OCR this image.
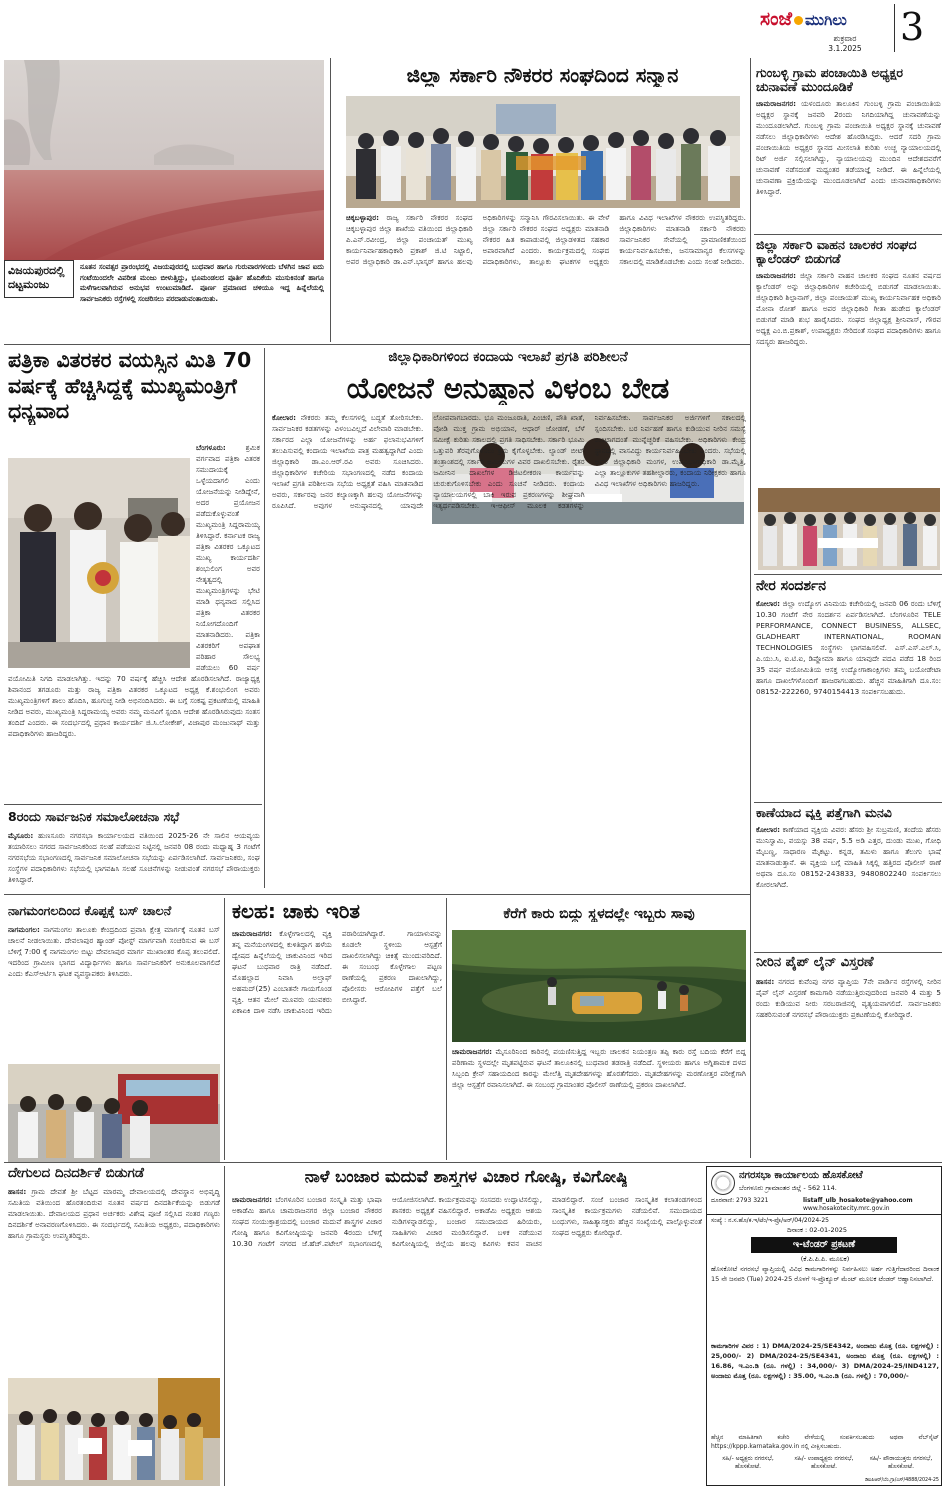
ಸಂಜೆ ಮುಗಿಲು
ಶುಕ್ರವಾರ
3.1.2025	3
ವಿಜಯಪುರದಲ್ಲಿ ದಟ್ಟಮಂಜು
ನೂತನ ಸಂವತ್ಸರ ಪ್ರಾರಂಭದಲ್ಲಿ ವಿಜಯಪುರದಲ್ಲಿ ಬುಧವಾರ ಹಾಗೂ ಗುರುವಾರಗಳಂದು ಬೆಳಗಿನ ಜಾವ ಐದು ಗಂಟೆಯಿಂದಲೇ ವಿಪರೀತ ಮಂಜು ಬೀಳುತ್ತಿದ್ದು, ಭೂಮಂಡಲದ ಪೂರ್ತಿ ಹೊದಿಕೆಯ ಮುಸುಕಿನಂತೆ ಹಾಗೂ ಮಳೆಗಾಲವಾಗಿರುವ ಅನುಭವ ಉಂಟುಮಾಡಿದೆ. ಪೂರ್ಣ ಪ್ರಮಾಣದ ಚಳಿಯೂ ಇದ್ದ ಹಿನ್ನೆಲೆಯಲ್ಲಿ ಸಾರ್ವಜನಿಕರು ರಸ್ತೆಗಳಲ್ಲಿ ಸಂಚರಿಸಲು ಪರದಾಡುವಂತಾಯಿತು.
ಜಿಲ್ಲಾ ಸರ್ಕಾರಿ ನೌಕರರ ಸಂಘದಿಂದ ಸನ್ಮಾನ
ಚಿಕ್ಕಬಳ್ಳಾಪುರ: ರಾಜ್ಯ ಸರ್ಕಾರಿ ನೌಕರರ ಸಂಘದ ಚಿಕ್ಕಬಳ್ಳಾಪುರ ಜಿಲ್ಲಾ ಶಾಖೆಯ ವತಿಯಿಂದ ಜಿಲ್ಲಾಧಿಕಾರಿ ಪಿ.ಎನ್.ರವೀಂದ್ರ, ಜಿಲ್ಲಾ ಪಂಚಾಯತ್ ಮುಖ್ಯ ಕಾರ್ಯನಿರ್ವಾಹಕಾಧಿಕಾರಿ ಪ್ರಕಾಶ್ ಜಿ.ಟಿ ನಿಟ್ಟಾಲಿ, ಅಪರ ಜಿಲ್ಲಾಧಿಕಾರಿ ಡಾ.ಎನ್.ಭಾಸ್ಕರ್ ಹಾಗೂ ಹಲವು ಅಧಿಕಾರಿಗಳನ್ನು ಸನ್ಮಾನಿಸಿ ಗೌರವಿಸಲಾಯಿತು. ಈ ವೇಳೆ ಜಿಲ್ಲಾ ಸರ್ಕಾರಿ ನೌಕರರ ಸಂಘದ ಅಧ್ಯಕ್ಷರು ಮಾತನಾಡಿ ನೌಕರರ ಹಿತ ಕಾಪಾಡುವಲ್ಲಿ ಜಿಲ್ಲಾಡಳಿತದ ಸಹಕಾರ ಅಪಾರವಾಗಿದೆ ಎಂದರು. ಕಾರ್ಯಕ್ರಮದಲ್ಲಿ ಸಂಘದ ಪದಾಧಿಕಾರಿಗಳು, ತಾಲ್ಲೂಕು ಘಟಕಗಳ ಅಧ್ಯಕ್ಷರು ಹಾಗೂ ವಿವಿಧ ಇಲಾಖೆಗಳ ನೌಕರರು ಉಪಸ್ಥಿತರಿದ್ದರು. ಜಿಲ್ಲಾಧಿಕಾರಿಗಳು ಮಾತನಾಡಿ ಸರ್ಕಾರಿ ನೌಕರರು ಸಾರ್ವಜನಿಕರ ಸೇವೆಯಲ್ಲಿ ಪ್ರಾಮಾಣಿಕತೆಯಿಂದ ಕಾರ್ಯನಿರ್ವಹಿಸಬೇಕು, ಜನಸಾಮಾನ್ಯರ ಕೆಲಸಗಳನ್ನು ಸಕಾಲದಲ್ಲಿ ಮಾಡಿಕೊಡಬೇಕು ಎಂದು ಸಲಹೆ ನೀಡಿದರು.
ಗುಂಬಳ್ಳಿ ಗ್ರಾಮ ಪಂಚಾಯಿತಿ ಅಧ್ಯಕ್ಷರ ಚುನಾವಣೆ ಮುಂದೂಡಿಕೆ
ಚಾಮರಾಜನಗರ: ಯಳಂದೂರು ತಾಲೂಕಿನ ಗುಂಬಳ್ಳಿ ಗ್ರಾಮ ಪಂಚಾಯಿತಿಯ ಅಧ್ಯಕ್ಷರ ಸ್ಥಾನಕ್ಕೆ ಜನವರಿ 2ರಂದು ನಿಗದಿಯಾಗಿದ್ದ ಚುನಾವಣೆಯನ್ನು ಮುಂದೂಡಲಾಗಿದೆ. ಗುಂಬಳ್ಳಿ ಗ್ರಾಮ ಪಂಚಾಯಿತಿ ಅಧ್ಯಕ್ಷರ ಸ್ಥಾನಕ್ಕೆ ಚುನಾವಣೆ ನಡೆಸಲು ಜಿಲ್ಲಾಧಿಕಾರಿಗಳು ಆದೇಶ ಹೊರಡಿಸಿದ್ದರು. ಆದರೆ ಸದರಿ ಗ್ರಾಮ ಪಂಚಾಯಿತಿಯ ಅಧ್ಯಕ್ಷರ ಸ್ಥಾನದ ಮೀಸಲಾತಿ ಕುರಿತು ಉಚ್ಚ ನ್ಯಾಯಾಲಯದಲ್ಲಿ ರಿಟ್ ಅರ್ಜಿ ಸಲ್ಲಿಸಲಾಗಿದ್ದು, ನ್ಯಾಯಾಲಯವು ಮುಂದಿನ ಆದೇಶದವರೆಗೆ ಚುನಾವಣೆ ನಡೆಸದಂತೆ ಮಧ್ಯಂತರ ತಡೆಯಾಜ್ಞೆ ನೀಡಿದೆ. ಈ ಹಿನ್ನೆಲೆಯಲ್ಲಿ ಚುನಾವಣಾ ಪ್ರಕ್ರಿಯೆಯನ್ನು ಮುಂದೂಡಲಾಗಿದೆ ಎಂದು ಚುನಾವಣಾಧಿಕಾರಿಗಳು ತಿಳಿಸಿದ್ದಾರೆ.
ಜಿಲ್ಲಾ ಸರ್ಕಾರಿ ವಾಹನ ಚಾಲಕರ ಸಂಘದ ಕ್ಯಾಲೆಂಡರ್ ಬಿಡುಗಡೆ
ಚಾಮರಾಜನಗರ: ಜಿಲ್ಲಾ ಸರ್ಕಾರಿ ವಾಹನ ಚಾಲಕರ ಸಂಘದ ನೂತನ ವರ್ಷದ ಕ್ಯಾಲೆಂಡರ್ ಅನ್ನು ಜಿಲ್ಲಾಧಿಕಾರಿಗಳ ಕಚೇರಿಯಲ್ಲಿ ಬಿಡುಗಡೆ ಮಾಡಲಾಯಿತು. ಜಿಲ್ಲಾಧಿಕಾರಿ ಶಿಲ್ಪಾನಾಗ್, ಜಿಲ್ಲಾ ಪಂಚಾಯತ್ ಮುಖ್ಯ ಕಾರ್ಯನಿರ್ವಾಹಕ ಅಧಿಕಾರಿ ಮೋನಾ ರೋತ್ ಹಾಗೂ ಅಪರ ಜಿಲ್ಲಾಧಿಕಾರಿ ಗೀತಾ ಹುಡೇದ ಕ್ಯಾಲೆಂಡರ್ ಬಿಡುಗಡೆ ಮಾಡಿ ಶುಭ ಹಾರೈಸಿದರು. ಸಂಘದ ಜಿಲ್ಲಾಧ್ಯಕ್ಷ ಶ್ರೀನಿವಾಸ್, ಗೌರವ ಅಧ್ಯಕ್ಷ ಎಂ.ಬಿ.ಪ್ರಕಾಶ್, ಉಪಾಧ್ಯಕ್ಷರು ಸೇರಿದಂತೆ ಸಂಘದ ಪದಾಧಿಕಾರಿಗಳು ಹಾಗೂ ಸದಸ್ಯರು ಹಾಜರಿದ್ದರು.
ನೇರ ಸಂದರ್ಶನ
ಕೋಲಾರ: ಜಿಲ್ಲಾ ಉದ್ಯೋಗ ವಿನಿಮಯ ಕಚೇರಿಯಲ್ಲಿ ಜನವರಿ 06 ರಂದು ಬೆಳಿಗ್ಗೆ 10.30 ಗಂಟೆಗೆ ನೇರ ಸಂದರ್ಶನ ಏರ್ಪಡಿಸಲಾಗಿದೆ. ಬೆಂಗಳೂರಿನ TELE PERFORMANCE, CONNECT BUSINESS, ALLSEC, GLADHEART INTERNATIONAL, ROOMAN TECHNOLOGIES ಸಂಸ್ಥೆಗಳು ಭಾಗವಹಿಸಲಿವೆ. ಎಸ್.ಎಸ್.ಎಲ್.ಸಿ, ಪಿ.ಯು.ಸಿ, ಐ.ಟಿ.ಐ, ಡಿಪ್ಲೋಮಾ ಹಾಗೂ ಯಾವುದೇ ಪದವಿ ಪಡೆದ 18 ರಿಂದ 35 ವರ್ಷ ವಯೋಮಿತಿಯ ಆಸಕ್ತ ಉದ್ಯೋಗಾಕಾಂಕ್ಷಿಗಳು ತಮ್ಮ ಬಯೋಡೇಟಾ ಹಾಗೂ ದಾಖಲೆಗಳೊಂದಿಗೆ ಹಾಜರಾಗಬಹುದು. ಹೆಚ್ಚಿನ ಮಾಹಿತಿಗಾಗಿ ದೂ.ಸಂ: 08152-222260, 9740154413 ಸಂಪರ್ಕಿಸಬಹುದು.
ಕಾಣೆಯಾದ ವ್ಯಕ್ತಿ ಪತ್ತೆಗಾಗಿ ಮನವಿ
ಕೋಲಾರ: ಕಾಣೆಯಾದ ವ್ಯಕ್ತಿಯ ವಿವರ: ಹೆಸರು ಶ್ರೀ ಸುಬ್ರಮಣಿ, ತಂದೆಯ ಹೆಸರು ಮುನಿಸ್ವಾಮಿ, ವಯಸ್ಸು 38 ವರ್ಷ, 5.5 ಅಡಿ ಎತ್ತರ, ದುಂಡು ಮುಖ, ಗೋಧಿ ಮೈಬಣ್ಣ, ಸಾಧಾರಣ ಮೈಕಟ್ಟು. ಕನ್ನಡ, ತಮಿಳು ಹಾಗೂ ತೆಲುಗು ಭಾಷೆ ಮಾತನಾಡುತ್ತಾನೆ. ಈ ವ್ಯಕ್ತಿಯ ಬಗ್ಗೆ ಮಾಹಿತಿ ಸಿಕ್ಕಲ್ಲಿ ಹತ್ತಿರದ ಪೊಲೀಸ್ ಠಾಣೆ ಅಥವಾ ದೂ.ಸಂ 08152-243833, 9480802240 ಸಂಪರ್ಕಿಸಲು ಕೋರಲಾಗಿದೆ.
ನೀರಿನ ಪೈಪ್ ಲೈನ್ ವಿಸ್ತರಣೆ
ಹಾಸನ: ನಗರದ ಕುವೆಂಪು ನಗರ ವ್ಯಾಪ್ತಿಯ 7ನೇ ವಾರ್ಡಿನ ರಸ್ತೆಗಳಲ್ಲಿ ನೀರಿನ ಪೈಪ್ ಲೈನ್ ವಿಸ್ತರಣೆ ಕಾಮಗಾರಿ ನಡೆಯುತ್ತಿರುವುದರಿಂದ ಜನವರಿ 4 ಮತ್ತು 5 ರಂದು ಕುಡಿಯುವ ನೀರು ಸರಬರಾಜಿನಲ್ಲಿ ವ್ಯತ್ಯಯವಾಗಲಿದೆ. ಸಾರ್ವಜನಿಕರು ಸಹಕರಿಸುವಂತೆ ನಗರಸಭೆ ಪೌರಾಯುಕ್ತರು ಪ್ರಕಟಣೆಯಲ್ಲಿ ಕೋರಿದ್ದಾರೆ.
ಪತ್ರಿಕಾ ವಿತರಕರ ವಯಸ್ಸಿನ ಮಿತಿ 70 ವರ್ಷಕ್ಕೆ ಹೆಚ್ಚಿಸಿದ್ದಕ್ಕೆ ಮುಖ್ಯಮಂತ್ರಿಗೆ ಧನ್ಯವಾದ
ಬೆಂಗಳೂರು:	ಶ್ರಮಿಕ ವರ್ಗವಾದ ಪತ್ರಿಕಾ ವಿತರಕ ಸಮುದಾಯಕ್ಕೆ ಒಳ್ಳೆಯದಾಗಲಿ ಎಂದು ಯೋಜನೆಯನ್ನು ನೀಡಿದ್ದೇನೆ, ಅದರ ಪ್ರಯೋಜನ ಪಡೆದುಕೊಳ್ಳುವಂತೆ ಮುಖ್ಯಮಂತ್ರಿ ಸಿದ್ದರಾಮಯ್ಯ ತಿಳಿಸಿದ್ದಾರೆ. ಕರ್ನಾಟಕ ರಾಜ್ಯ ಪತ್ರಿಕಾ ವಿತರಕರ ಒಕ್ಕೂಟದ ಮುಖ್ಯ ಕಾರ್ಯದರ್ಶಿ ಶಂಭುಲಿಂಗ ಅವರ ನೇತೃತ್ವದಲ್ಲಿ ಮುಖ್ಯಮಂತ್ರಿಗಳನ್ನು ಭೇಟಿ ಮಾಡಿ ಧನ್ಯವಾದ ಸಲ್ಲಿಸಿದ ಪತ್ರಿಕಾ ವಿತರಕರ ನಿಯೋಗದೊಂದಿಗೆ ಮಾತನಾಡಿದರು. ಪತ್ರಿಕಾ ವಿತರಕರಿಗೆ ಅಪಘಾತ ಪರಿಹಾರ ಸೌಲಭ್ಯ ಪಡೆಯಲು 60 ವರ್ಷ ವಯೋಮಿತಿ ನಿಗದಿ ಮಾಡಲಾಗಿತ್ತು. ಇದನ್ನು 70 ವರ್ಷಕ್ಕೆ ಹೆಚ್ಚಿಸಿ ಆದೇಶ ಹೊರಡಿಸಲಾಗಿದೆ. ರಾಜ್ಯಾಧ್ಯಕ್ಷ ಶಿವಾನಂದ ತಗಡೂರು ಮತ್ತು ರಾಜ್ಯ ಪತ್ರಿಕಾ ವಿತರಕರ ಒಕ್ಕೂಟದ ಅಧ್ಯಕ್ಷ ಕೆ.ಶಂಭುಲಿಂಗ ಅವರು ಮುಖ್ಯಮಂತ್ರಿಗಳಿಗೆ ಶಾಲು ಹೊದಿಸಿ, ಹೂಗುಚ್ಛ ನೀಡಿ ಅಭಿನಂದಿಸಿದರು. ಈ ಬಗ್ಗೆ ಸಂಕಷ್ಟ ಪ್ರಕಟಣೆಯಲ್ಲಿ ಮಾಹಿತಿ ನೀಡಿದ ಅವರು, ಮುಖ್ಯಮಂತ್ರಿ ಸಿದ್ದರಾಮಯ್ಯ ಅವರು ನಮ್ಮ ಮನವಿಗೆ ಸ್ಪಂದಿಸಿ ಆದೇಶ ಹೊರಡಿಸಿರುವುದು ಸಂತಸ ತಂದಿದೆ ಎಂದರು. ಈ ಸಂದರ್ಭದಲ್ಲಿ ಪ್ರಧಾನ ಕಾರ್ಯದರ್ಶಿ ಜಿ.ಸಿ.ಲೋಕೇಶ್, ವಿಜಾಪುರ ಮಂಜುನಾಥ್ ಮತ್ತು ಪದಾಧಿಕಾರಿಗಳು ಹಾಜರಿದ್ದರು.
ಜಿಲ್ಲಾಧಿಕಾರಿಗಳಿಂದ ಕಂದಾಯ ಇಲಾಖೆ ಪ್ರಗತಿ ಪರಿಶೀಲನೆ
ಯೋಜನೆ ಅನುಷ್ಠಾನ ವಿಳಂಬ ಬೇಡ
ಕೋಲಾರ: ನೌಕರರು ತಮ್ಮ ಕೆಲಸಗಳಲ್ಲಿ ಬದ್ಧತೆ ತೋರಿಸಬೇಕು. ಸಾರ್ವಜನಿಕರ ಕಡತಗಳನ್ನು ವಿಳಂಬವಿಲ್ಲದೆ ವಿಲೇವಾರಿ ಮಾಡಬೇಕು. ಸರ್ಕಾರದ ಎಲ್ಲಾ ಯೋಜನೆಗಳನ್ನು ಅರ್ಹ ಫಲಾನುಭವಿಗಳಿಗೆ ತಲುಪಿಸುವಲ್ಲಿ ಕಂದಾಯ ಇಲಾಖೆಯ ಪಾತ್ರ ಮಹತ್ವದ್ದಾಗಿದೆ ಎಂದು ಜಿಲ್ಲಾಧಿಕಾರಿ ಡಾ.ಎಂ.ಆರ್.ರವಿ ಅವರು ಸೂಚಿಸಿದರು. ಜಿಲ್ಲಾಧಿಕಾರಿಗಳ ಕಚೇರಿಯ ಸಭಾಂಗಣದಲ್ಲಿ ನಡೆದ ಕಂದಾಯ ಇಲಾಖೆ ಪ್ರಗತಿ ಪರಿಶೀಲನಾ ಸಭೆಯ ಅಧ್ಯಕ್ಷತೆ ವಹಿಸಿ ಮಾತನಾಡಿದ ಅವರು, ಸರ್ಕಾರವು ಜನರ ಕಲ್ಯಾಣಕ್ಕಾಗಿ ಹಲವು ಯೋಜನೆಗಳನ್ನು ರೂಪಿಸಿದೆ. ಅವುಗಳ ಅನುಷ್ಠಾನದಲ್ಲಿ ಯಾವುದೇ ಲೋಪವಾಗಬಾರದು. ಭೂ ಮಂಜೂರಾತಿ, ಪಿಂಚಣಿ, ಪೌತಿ ಖಾತೆ, ಪೋಡಿ ಮುಕ್ತ ಗ್ರಾಮ ಅಭಿಯಾನ, ಆಧಾರ್ ಜೋಡಣೆ, ಬೆಳೆ ಸಮೀಕ್ಷೆ ಕುರಿತು ಸಕಾಲದಲ್ಲಿ ಪ್ರಗತಿ ಸಾಧಿಸಬೇಕು. ಸರ್ಕಾರಿ ಭೂಮಿ ಒತ್ತುವರಿ ತೆರವುಗೊಳಿಸಲು ಕ್ರಮ ಕೈಗೊಳ್ಳಬೇಕು. ಲ್ಯಾಂಡ್ ಬೀಟ್ ತಂತ್ರಾಂಶದಲ್ಲಿ ಸರ್ಕಾರಿ ಜಮೀನುಗಳ ವಿವರ ದಾಖಲಿಸಬೇಕು. ರೈತರ ಜಮೀನಿನ ದಾಖಲೆಗಳ ಡಿಜಿಟಲೀಕರಣ ಕಾರ್ಯವನ್ನು ಚುರುಕುಗೊಳಿಸಬೇಕು ಎಂದು ಸೂಚನೆ ನೀಡಿದರು. ಕಂದಾಯ ನ್ಯಾಯಾಲಯಗಳಲ್ಲಿ ಬಾಕಿ ಇರುವ ಪ್ರಕರಣಗಳನ್ನು ಶೀಘ್ರವಾಗಿ ಇತ್ಯರ್ಥಪಡಿಸಬೇಕು. ಇ-ಆಫೀಸ್ ಮೂಲಕ ಕಡತಗಳನ್ನು ನಿರ್ವಹಿಸಬೇಕು. ಸಾರ್ವಜನಿಕರ ಅರ್ಜಿಗಳಿಗೆ ಸಕಾಲದಲ್ಲಿ ಸ್ಪಂದಿಸಬೇಕು. ಬರ ನಿರ್ವಹಣೆ ಹಾಗೂ ಕುಡಿಯುವ ನೀರಿನ ಸಮಸ್ಯೆ ಉಂಟಾಗದಂತೆ ಮುನ್ನೆಚ್ಚರಿಕೆ ವಹಿಸಬೇಕು. ಅಧಿಕಾರಿಗಳು ಕೇಂದ್ರ ಸ್ಥಾನದಲ್ಲಿ ವಾಸವಿದ್ದು ಕಾರ್ಯನಿರ್ವಹಿಸಬೇಕು ಎಂದರು. ಸಭೆಯಲ್ಲಿ ಅಪರ ಜಿಲ್ಲಾಧಿಕಾರಿ ಮಂಗಳ, ಉಪವಿಭಾಗಾಧಿಕಾರಿ ಡಾ.ಮೈತ್ರಿ, ಎಲ್ಲಾ ತಾಲ್ಲೂಕುಗಳ ತಹಶೀಲ್ದಾರರು, ಕಂದಾಯ ನಿರೀಕ್ಷಕರು ಹಾಗೂ ವಿವಿಧ ಇಲಾಖೆಗಳ ಅಧಿಕಾರಿಗಳು ಹಾಜರಿದ್ದರು.
8ರಂದು ಸಾರ್ವಜನಿಕ ಸಮಾಲೋಚನಾ ಸಭೆ
ಮೈಸೂರು: ಹುಣಸೂರು ನಗರಸಭಾ ಕಾರ್ಯಾಲಯದ ವತಿಯಿಂದ 2025-26 ನೇ ಸಾಲಿನ ಆಯವ್ಯಯ ತಯಾರಿಸಲು ನಗರದ ಸಾರ್ವಜನಿಕರಿಂದ ಸಲಹೆ ಪಡೆಯುವ ನಿಟ್ಟಿನಲ್ಲಿ ಜನವರಿ 08 ರಂದು ಮಧ್ಯಾಹ್ನ 3 ಗಂಟೆಗೆ ನಗರಸಭೆಯ ಸಭಾಂಗಣದಲ್ಲಿ ಸಾರ್ವಜನಿಕ ಸಮಾಲೋಚನಾ ಸಭೆಯನ್ನು ಏರ್ಪಡಿಸಲಾಗಿದೆ. ಸಾರ್ವಜನಿಕರು, ಸಂಘ ಸಂಸ್ಥೆಗಳ ಪದಾಧಿಕಾರಿಗಳು ಸಭೆಯಲ್ಲಿ ಭಾಗವಹಿಸಿ ಸಲಹೆ ಸೂಚನೆಗಳನ್ನು ನೀಡುವಂತೆ ನಗರಸಭೆ ಪೌರಾಯುಕ್ತರು ತಿಳಿಸಿದ್ದಾರೆ.
ನಾಗಮಂಗಲದಿಂದ ಕೊಪ್ಪಕ್ಕೆ ಬಸ್ ಚಾಲನೆ
ನಾಗಮಂಗಲ: ನಾಗಮಂಗಲ ತಾಲೂಕು ಕೇಂದ್ರದಿಂದ ಪ್ರವಾಸಿ ಕ್ಷೇತ್ರ ಮಾರ್ಗಕ್ಕೆ ನೂತನ ಬಸ್ ಚಾಲನೆ ನೀಡಲಾಯಿತು. ದೇವಲಾಪುರ ಹ್ಯಾಂಡ್ ಪೋಸ್ಟ್ ಮಾರ್ಗವಾಗಿ ಸಂಚರಿಸುವ ಈ ಬಸ್ ಬೆಳಿಗ್ಗೆ 7:00 ಕ್ಕೆ ನಾಗಮಂಗಲ ಬಿಟ್ಟು ದೇವಲಾಪುರ ಮಾರ್ಗ ಮುಖಾಂತರ ಕೊಪ್ಪ ತಲುಪಲಿದೆ. ಇದರಿಂದ ಗ್ರಾಮೀಣ ಭಾಗದ ವಿದ್ಯಾರ್ಥಿಗಳು ಹಾಗೂ ಸಾರ್ವಜನಿಕರಿಗೆ ಅನುಕೂಲವಾಗಲಿದೆ ಎಂದು ಕೆಎಸ್ಆರ್ಟಿಸಿ ಘಟಕ ವ್ಯವಸ್ಥಾಪಕರು ತಿಳಿಸಿದರು.
ಕಲಹ: ಚಾಕು ಇರಿತ
ಚಾಮರಾಜನಗರ: ಕೊಳ್ಳೇಗಾಲದಲ್ಲಿ ವ್ಯಕ್ತಿ ತನ್ನ ಮನೆಯಂಗಳದಲ್ಲಿ ಕುಳಿತಿದ್ದಾಗ ಹಳೆಯ ದ್ವೇಷದ ಹಿನ್ನೆಲೆಯಲ್ಲಿ ಚಾಕುವಿನಿಂದ ಇರಿದ ಘಟನೆ ಬುಧವಾರ ರಾತ್ರಿ ನಡೆದಿದೆ. ಮೊಹಲ್ಲಾದ ನಿವಾಸಿ ಅಲ್ತಾಫ್ ಅಹಮದ್(25) ಎಂಬಾತನೇ ಗಾಯಗೊಂಡ ವ್ಯಕ್ತಿ. ಆತನ ಮೇಲೆ ಮೂವರು ಯುವಕರು ಏಕಾಏಕಿ ದಾಳಿ ನಡೆಸಿ ಚಾಕುವಿನಿಂದ ಇರಿದು ಪರಾರಿಯಾಗಿದ್ದಾರೆ. ಗಾಯಾಳುವನ್ನು ಕೂಡಲೇ ಸ್ಥಳೀಯ ಆಸ್ಪತ್ರೆಗೆ ದಾಖಲಿಸಲಾಗಿದ್ದು ಚಿಕಿತ್ಸೆ ಮುಂದುವರಿದಿದೆ. ಈ ಸಂಬಂಧ ಕೊಳ್ಳೇಗಾಲ ಪಟ್ಟಣ ಠಾಣೆಯಲ್ಲಿ ಪ್ರಕರಣ ದಾಖಲಾಗಿದ್ದು, ಪೊಲೀಸರು ಆರೋಪಿಗಳ ಪತ್ತೆಗೆ ಬಲೆ ಬೀಸಿದ್ದಾರೆ.
ಕೆರೆಗೆ ಕಾರು ಬಿದ್ದು ಸ್ಥಳದಲ್ಲೇ ಇಬ್ಬರು ಸಾವು
ಚಾಮರಾಜನಗರ: ಮೈಸೂರಿನಿಂದ ಕಾರಿನಲ್ಲಿ ಪಯಣಿಸುತ್ತಿದ್ದ ಇಬ್ಬರು ಚಾಲಕನ ನಿಯಂತ್ರಣ ತಪ್ಪಿ ಕಾರು ರಸ್ತೆ ಬದಿಯ ಕೆರೆಗೆ ಬಿದ್ದ ಪರಿಣಾಮ ಸ್ಥಳದಲ್ಲೇ ಮೃತಪಟ್ಟಿರುವ ಘಟನೆ ತಾಲೂಕಿನಲ್ಲಿ ಬುಧವಾರ ತಡರಾತ್ರಿ ನಡೆದಿದೆ. ಸ್ಥಳೀಯರು ಹಾಗೂ ಅಗ್ನಿಶಾಮಕ ದಳದ ಸಿಬ್ಬಂದಿ ಕ್ರೇನ್ ಸಹಾಯದಿಂದ ಕಾರನ್ನು ಮೇಲೆತ್ತಿ ಮೃತದೇಹಗಳನ್ನು ಹೊರತೆಗೆದರು. ಮೃತದೇಹಗಳನ್ನು ಮರಣೋತ್ತರ ಪರೀಕ್ಷೆಗಾಗಿ ಜಿಲ್ಲಾ ಆಸ್ಪತ್ರೆಗೆ ರವಾನಿಸಲಾಗಿದೆ. ಈ ಸಂಬಂಧ ಗ್ರಾಮಾಂತರ ಪೊಲೀಸ್ ಠಾಣೆಯಲ್ಲಿ ಪ್ರಕರಣ ದಾಖಲಾಗಿದೆ.
ದೇಗುಲದ ದಿನದರ್ಶಿಕೆ ಬಿಡುಗಡೆ
ಹಾಸನ: ಗ್ರಾಮ ದೇವತೆ ಶ್ರೀ ಬೆಟ್ಟದ ಮಾರಮ್ಮ ದೇವಾಲಯದಲ್ಲಿ ದೇವಸ್ಥಾನ ಅಭಿವೃದ್ಧಿ ಸಮಿತಿಯ ವತಿಯಿಂದ ಹೊರತಂದಿರುವ ನೂತನ ವರ್ಷದ ದಿನದರ್ಶಿಕೆಯನ್ನು ಬಿಡುಗಡೆ ಮಾಡಲಾಯಿತು. ದೇವಾಲಯದ ಪ್ರಧಾನ ಅರ್ಚಕರು ವಿಶೇಷ ಪೂಜೆ ಸಲ್ಲಿಸಿದ ನಂತರ ಗಣ್ಯರು ದಿನದರ್ಶಿಕೆ ಅನಾವರಣಗೊಳಿಸಿದರು. ಈ ಸಂದರ್ಭದಲ್ಲಿ ಸಮಿತಿಯ ಅಧ್ಯಕ್ಷರು, ಪದಾಧಿಕಾರಿಗಳು ಹಾಗೂ ಗ್ರಾಮಸ್ಥರು ಉಪಸ್ಥಿತರಿದ್ದರು.
ನಾಳೆ ಬಂಜಾರ ಮದುವೆ ಶಾಸ್ತ್ರಗಳ ವಿಚಾರ ಗೋಷ್ಠಿ, ಕವಿಗೋಷ್ಠಿ
ಚಾಮರಾಜನಗರ: ಬೆಂಗಳೂರಿನ ಬಂಜಾರ ಸಂಸ್ಕೃತಿ ಮತ್ತು ಭಾಷಾ ಅಕಾಡೆಮಿ ಹಾಗೂ ಚಾಮರಾಜನಗರ ಜಿಲ್ಲಾ ಬಂಜಾರ ನೌಕರರ ಸಂಘದ ಸಂಯುಕ್ತಾಶ್ರಯದಲ್ಲಿ ಬಂಜಾರ ಮದುವೆ ಶಾಸ್ತ್ರಗಳ ವಿಚಾರ ಗೋಷ್ಠಿ ಹಾಗೂ ಕವಿಗೋಷ್ಠಿಯನ್ನು ಜನವರಿ 4ರಂದು ಬೆಳಿಗ್ಗೆ 10.30 ಗಂಟೆಗೆ ನಗರದ ಜೆ.ಹೆಚ್.ಪಟೇಲ್ ಸಭಾಂಗಣದಲ್ಲಿ ಆಯೋಜಿಸಲಾಗಿದೆ. ಕಾರ್ಯಕ್ರಮವನ್ನು ಸಂಸದರು ಉದ್ಘಾಟಿಸಲಿದ್ದು, ಶಾಸಕರು ಅಧ್ಯಕ್ಷತೆ ವಹಿಸಲಿದ್ದಾರೆ. ಅಕಾಡೆಮಿ ಅಧ್ಯಕ್ಷರು ಆಶಯ ನುಡಿಗಳನ್ನಾಡಲಿದ್ದು, ಬಂಜಾರ ಸಮುದಾಯದ ಹಿರಿಯರು, ಸಾಹಿತಿಗಳು ವಿಚಾರ ಮಂಡಿಸಲಿದ್ದಾರೆ. ಬಳಿಕ ನಡೆಯುವ ಕವಿಗೋಷ್ಠಿಯಲ್ಲಿ ಜಿಲ್ಲೆಯ ಹಲವು ಕವಿಗಳು ಕವನ ವಾಚನ ಮಾಡಲಿದ್ದಾರೆ. ಸಂಜೆ ಬಂಜಾರ ಸಾಂಸ್ಕೃತಿಕ ಕಲಾತಂಡಗಳಿಂದ ಸಾಂಸ್ಕೃತಿಕ ಕಾರ್ಯಕ್ರಮಗಳು ನಡೆಯಲಿವೆ. ಸಮುದಾಯದ ಬಂಧುಗಳು, ಸಾಹಿತ್ಯಾಸಕ್ತರು ಹೆಚ್ಚಿನ ಸಂಖ್ಯೆಯಲ್ಲಿ ಪಾಲ್ಗೊಳ್ಳುವಂತೆ ಸಂಘದ ಅಧ್ಯಕ್ಷರು ಕೋರಿದ್ದಾರೆ.
ನಗರಸಭಾ ಕಾರ್ಯಾಲಯ ಹೊಸಕೋಟೆ
ಬೆಂಗಳೂರು ಗ್ರಾಮಾಂತರ ಜಿಲ್ಲೆ - 562 114.
ದೂರವಾಣಿ: 2793 3221	listaff_ulb_hosakote@yahoo.com
www.hosakotecity.mrc.gov.in
ಸಂಖ್ಯೆ : ನ.ಸ.ಹೊ/ಕ.ಇ/ಟೆಂ/ಇ-ಪ್ರೊ/ಅರ್/04/2024-25
ದಿನಾಂಕ : 02-01-2025
ಇ-ಟೆಂಡರ್ ಪ್ರಕಟಣೆ
(ಕೆ.ಪಿ.ಪಿ.ಪಿ. ಮೂಲಕ)
ಹೊಸಕೋಟೆ ನಗರಸಭೆ ವ್ಯಾಪ್ತಿಯಲ್ಲಿ ವಿವಿಧ ಕಾಮಗಾರಿಗಳನ್ನು ನಿರ್ವಹಿಸಲು ಅರ್ಹ ಗುತ್ತಿಗೆದಾರರಿಂದ ದಿನಾಂಕ 15 ನೇ ಜನವರಿ (Tue) 2024-25 ರೊಳಗೆ ಇ-ಪ್ರೊಕ್ಯೂರ್ ಮೆಂಟ್ ಮೂಲಕ ಟೆಂಡರ್ ಆಹ್ವಾನಿಸಲಾಗಿದೆ.
ಕಾಮಗಾರಿಗಳ ವಿವರ : 1) DMA/2024-25/SE4342, ಅಂದಾಜು ಮೊತ್ತ (ರೂ. ಲಕ್ಷಗಳಲ್ಲಿ) : 25,000/- 2) DMA/2024-25/SE4341, ಅಂದಾಜು ಮೊತ್ತ (ರೂ. ಲಕ್ಷಗಳಲ್ಲಿ) : 16.86, ಇ.ಎಂ.ಡಿ (ರೂ. ಗಳಲ್ಲಿ) : 34,000/- 3) DMA/2024-25/IND4127, ಅಂದಾಜು ಮೊತ್ತ (ರೂ. ಲಕ್ಷಗಳಲ್ಲಿ) : 35.00, ಇ.ಎಂ.ಡಿ (ರೂ. ಗಳಲ್ಲಿ) : 70,000/-
ಹೆಚ್ಚಿನ ಮಾಹಿತಿಗಾಗಿ ಕಚೇರಿ ವೇಳೆಯಲ್ಲಿ ಸಂಪರ್ಕಿಸಬಹುದು ಅಥವಾ ವೆಬ್‌ಸೈಟ್ https://kppp.karnataka.gov.in ನಲ್ಲಿ ವೀಕ್ಷಿಸಬಹುದು.
ಸಹಿ/- ಅಧ್ಯಕ್ಷರು ನಗರಸಭೆ, ಹೊಸಕೋಟೆ.
ಸಹಿ/- ಉಪಾಧ್ಯಕ್ಷರು ನಗರಸಭೆ, ಹೊಸಕೋಟೆ.
ಸಹಿ/- ಪೌರಾಯುಕ್ತರು ನಗರಸಭೆ, ಹೊಸಕೋಟೆ.
ಡಿಐಪಿಆರ್/ಬೆಂ.ಗ್ರಾ/ಎಸ್/4888/2024-25
